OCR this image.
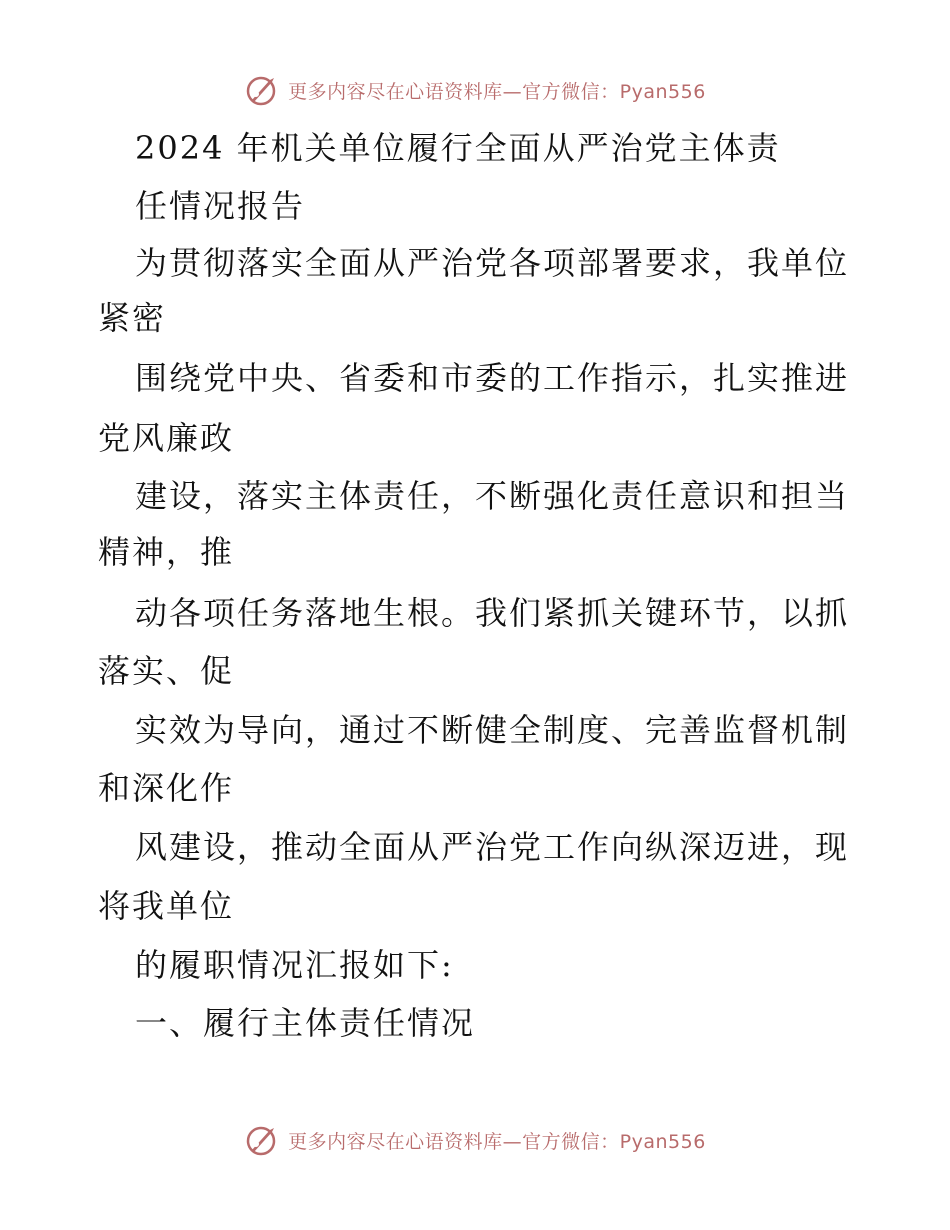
更多内容尽在心语资料库—官方微信：Pyan556
2024 年机关单位履行全面从严治党主体责
任情况报告
为贯彻落实全面从严治党各项部署要求，我单位
紧密
围绕党中央、省委和市委的工作指示，扎实推进
党风廉政
建设，落实主体责任，不断强化责任意识和担当
精神，推
动各项任务落地生根。我们紧抓关键环节，以抓
落实、促
实效为导向，通过不断健全制度、完善监督机制
和深化作
风建设，推动全面从严治党工作向纵深迈进，现
将我单位
的履职情况汇报如下:
一、履行主体责任情况
更多内容尽在心语资料库—官方微信：Pyan556
